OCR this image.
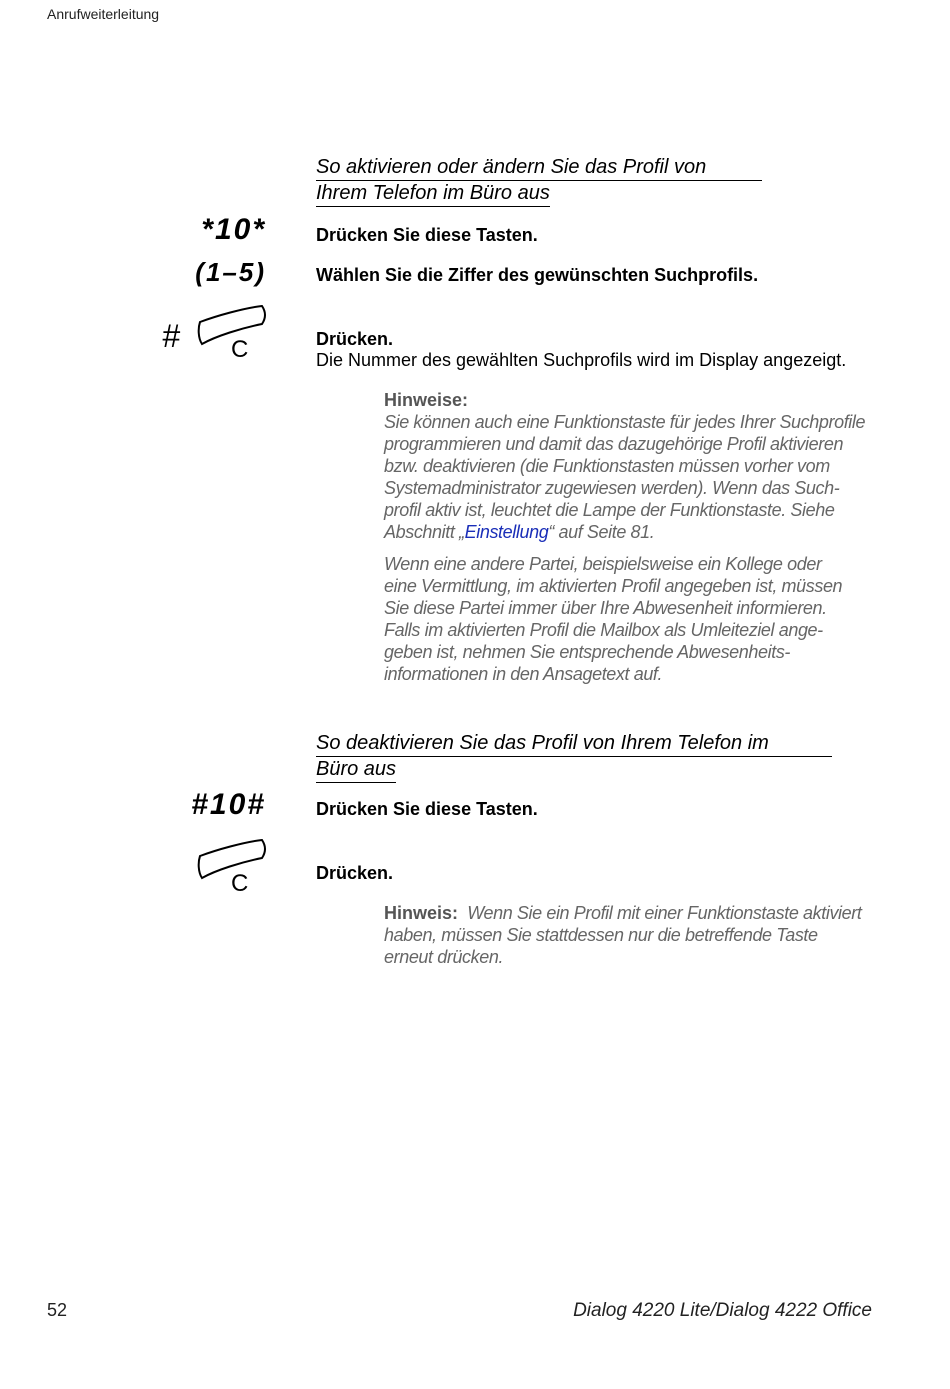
Anrufweiterleitung
So aktivieren oder ändern Sie das Profil von
Ihrem Telefon im Büro aus
*10*	Drücken Sie diese Tasten.
(1–5)	Wählen Sie die Ziffer des gewünschten Suchprofils.
# C	Drücken.
Die Nummer des gewählten Suchprofils wird im Display angezeigt.
Hinweise:
Sie können auch eine Funktionstaste für jedes Ihrer Suchprofile
programmieren und damit das dazugehörige Profil aktivieren
bzw. deaktivieren (die Funktionstasten müssen vorher vom
Systemadministrator zugewiesen werden). Wenn das Such-
profil aktiv ist, leuchtet die Lampe der Funktionstaste. Siehe
Abschnitt „Einstellung“ auf Seite 81.
Wenn eine andere Partei, beispielsweise ein Kollege oder
eine Vermittlung, im aktivierten Profil angegeben ist, müssen
Sie diese Partei immer über Ihre Abwesenheit informieren.
Falls im aktivierten Profil die Mailbox als Umleiteziel ange-
geben ist, nehmen Sie entsprechende Abwesenheits-
informationen in den Ansagetext auf.
So deaktivieren Sie das Profil von Ihrem Telefon im
Büro aus
#10#	Drücken Sie diese Tasten.
C	Drücken.
Hinweis: Wenn Sie ein Profil mit einer Funktionstaste aktiviert
haben, müssen Sie stattdessen nur die betreffende Taste
erneut drücken.
52	Dialog 4220 Lite/Dialog 4222 Office
